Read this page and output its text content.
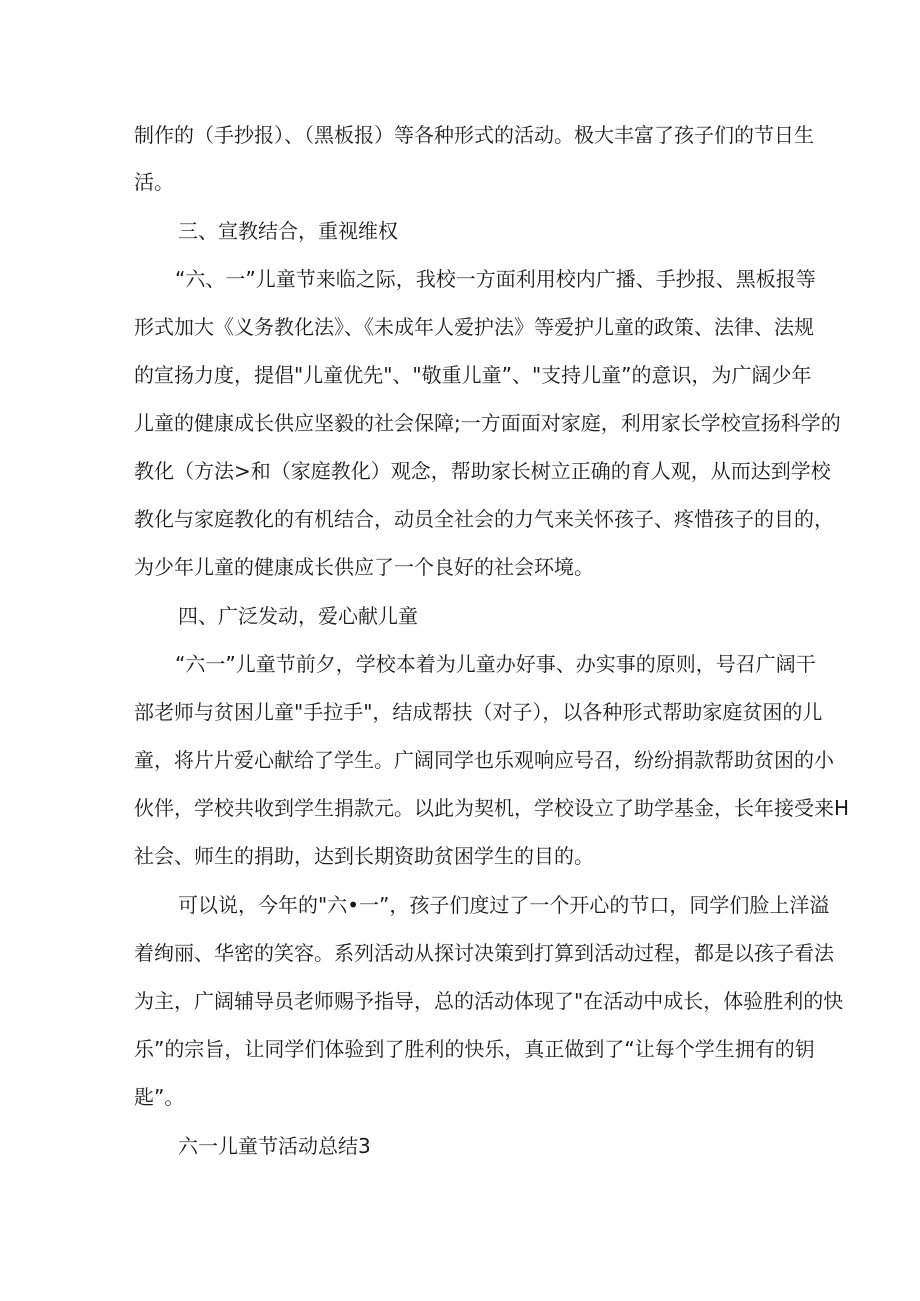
制作的（手抄报）、（黑板报）等各种形式的活动。极大丰富了孩子们的节日生

活。

三、宣教结合，重视维权

“六、一”儿童节来临之际，我校一方面利用校内广播、手抄报、黑板报等

形式加大《义务教化法》、《未成年人爱护法》等爱护儿童的政策、法律、法规

的宣扬力度，提倡"儿童优先"、"敬重儿童”、"支持儿童”的意识，为广阔少年

儿童的健康成长供应坚毅的社会保障;一方面面对家庭，利用家长学校宣扬科学的

教化（方法>和（家庭教化）观念，帮助家长树立正确的育人观，从而达到学校

教化与家庭教化的有机结合，动员全社会的力气来关怀孩子、疼惜孩子的目的，

为少年儿童的健康成长供应了一个良好的社会环境。

四、广泛发动，爱心献儿童

“六一”儿童节前夕，学校本着为儿童办好事、办实事的原则，号召广阔干

部老师与贫困儿童"手拉手"，结成帮扶（对子），以各种形式帮助家庭贫困的儿

童，将片片爱心献给了学生。广阔同学也乐观响应号召，纷纷捐款帮助贫困的小

伙伴，学校共收到学生捐款元。以此为契机，学校设立了助学基金，长年接受来H

社会、师生的捐助，达到长期资助贫困学生的目的。

可以说，今年的"六•一”，孩子们度过了一个开心的节口，同学们脸上洋溢

着绚丽、华密的笑容。系列活动从探讨决策到打算到活动过程，都是以孩子看法

为主，广阔辅导员老师赐予指导，总的活动体现了"在活动中成长，体验胜利的快

乐”的宗旨，让同学们体验到了胜利的快乐，真正做到了“让每个学生拥有的钥

匙”。

六一儿童节活动总结3
